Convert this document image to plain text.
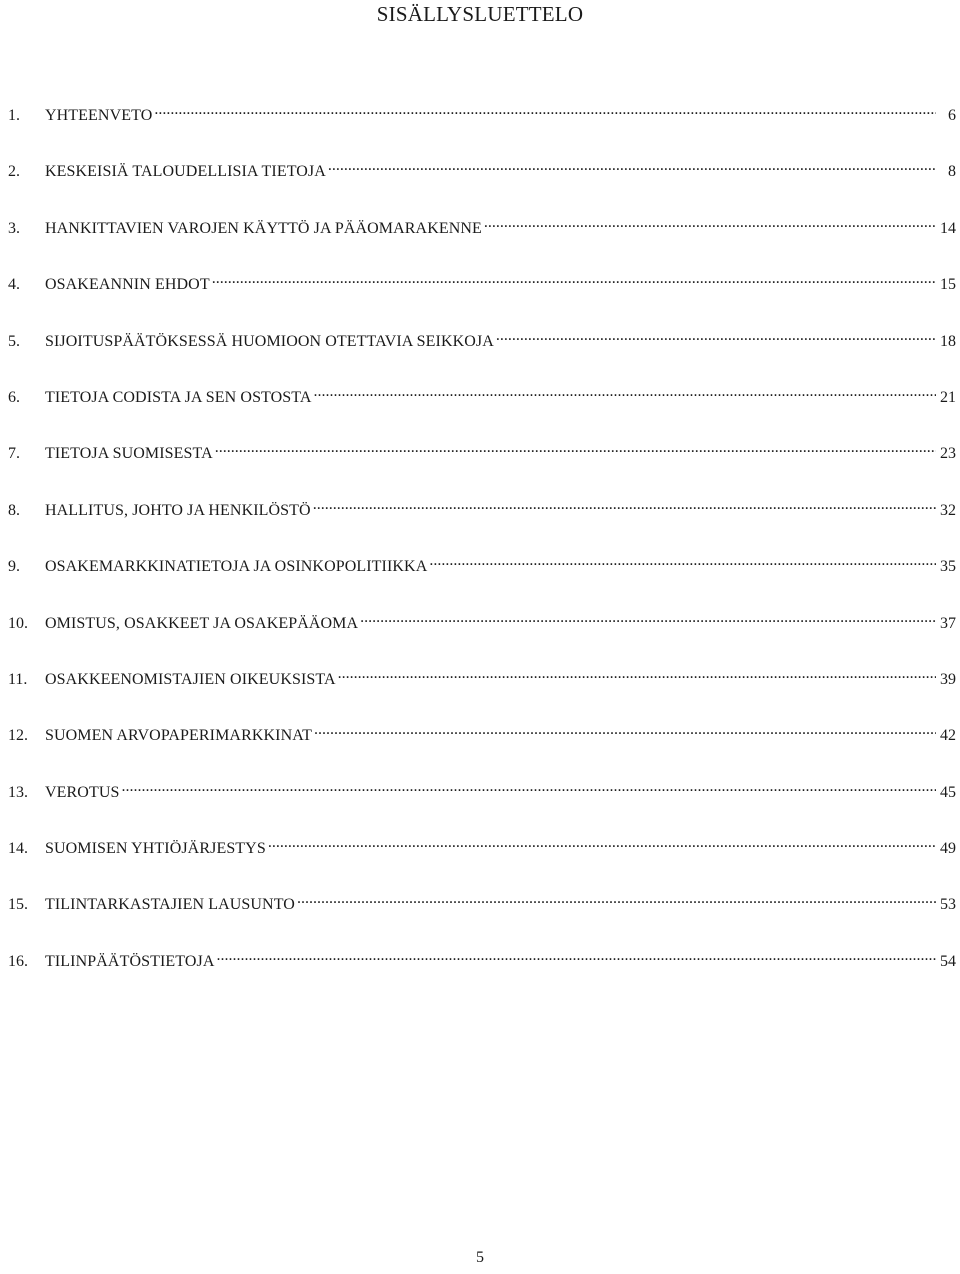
SISÄLLYSLUETTELO
1.	YHTEENVETO .....	6
2.	KESKEISIÄ TALOUDELLISIA TIETOJA .....	8
3.	HANKITTAVIEN VAROJEN KÄYTTÖ JA PÄÄOMARAKENNE .....	14
4.	OSAKEANNIN EHDOT .....	15
5.	SIJOITUSPÄÄTÖKSESSÄ HUOMIOON OTETTAVIA SEIKKOJA .....	18
6.	TIETOJA CODISTA JA SEN OSTOSTA .....	21
7.	TIETOJA SUOMISESTA .....	23
8.	HALLITUS, JOHTO JA HENKILÖSTÖ .....	32
9.	OSAKEMARKKINATIETOJA JA OSINKOPOLITIIKKA .....	35
10.	OMISTUS, OSAKKEET JA OSAKEPÄÄOMA .....	37
11.	OSAKKEENOMISTAJIEN OIKEUKSISTA .....	39
12.	SUOMEN ARVOPAPERIMARKKINAT .....	42
13.	VEROTUS .....	45
14.	SUOMISEN YHTIÖJÄRJESTYS .....	49
15.	TILINTARKASTAJIEN LAUSUNTO .....	53
16.	TILINPÄÄTÖSTIETOJA .....	54
5
